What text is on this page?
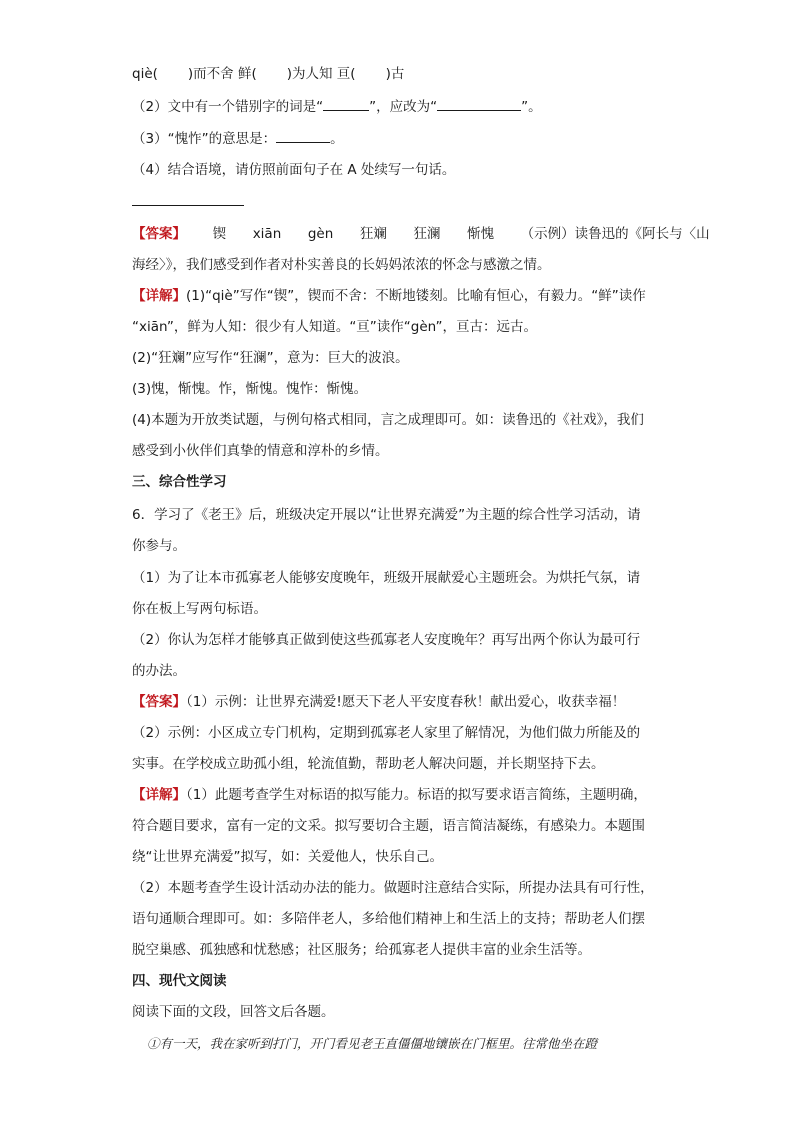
qiè( )而不舍 鲜( )为人知 亘( )古
（2）文中有一个错别字的词是“	”，应改为“	”。
（3）“愧怍”的意思是：	。
（4）结合语境，请仿照前面句子在 A 处续写一句话。
【答案】 锲 xiān gèn 狂斓 狂澜 惭愧 （示例）读鲁迅的《阿长与〈山
海经〉》，我们感受到作者对朴实善良的长妈妈浓浓的怀念与感激之情。
【详解】(1)“qiè”写作“锲”，锲而不舍：不断地镂刻。比喻有恒心，有毅力。“鲜”读作
“xiān”，鲜为人知：很少有人知道。“亘”读作“gèn”，亘古：远古。
(2)“狂斓”应写作“狂澜”，意为：巨大的波浪。
(3)愧，惭愧。怍，惭愧。愧怍：惭愧。
(4)本题为开放类试题，与例句格式相同，言之成理即可。如：读鲁迅的《社戏》，我们
感受到小伙伴们真挚的情意和淳朴的乡情。
三、综合性学习
6．学习了《老王》后，班级决定开展以“让世界充满爱”为主题的综合性学习活动，请
你参与。
（1）为了让本市孤寡老人能够安度晚年，班级开展献爱心主题班会。为烘托气氛，请
你在板上写两句标语。
（2）你认为怎样才能够真正做到使这些孤寡老人安度晚年？再写出两个你认为最可行
的办法。
【答案】（1）示例：让世界充满爱!愿天下老人平安度春秋！献出爱心，收获幸福！
（2）示例：小区成立专门机构，定期到孤寡老人家里了解情况，为他们做力所能及的
实事。在学校成立助孤小组，轮流值勤，帮助老人解决问题，并长期坚持下去。
【详解】（1）此题考查学生对标语的拟写能力。标语的拟写要求语言简练，主题明确，
符合题目要求，富有一定的文采。拟写要切合主题，语言简洁凝练，有感染力。本题围
绕“让世界充满爱”拟写，如：关爱他人，快乐自己。
（2）本题考查学生设计活动办法的能力。做题时注意结合实际，所提办法具有可行性，
语句通顺合理即可。如：多陪伴老人，多给他们精神上和生活上的支持；帮助老人们摆
脱空巢感、孤独感和忧愁感；社区服务；给孤寡老人提供丰富的业余生活等。
四、现代文阅读
阅读下面的文段，回答文后各题。
①有一天，我在家听到打门，开门看见老王直僵僵地镶嵌在门框里。往常他坐在蹬
